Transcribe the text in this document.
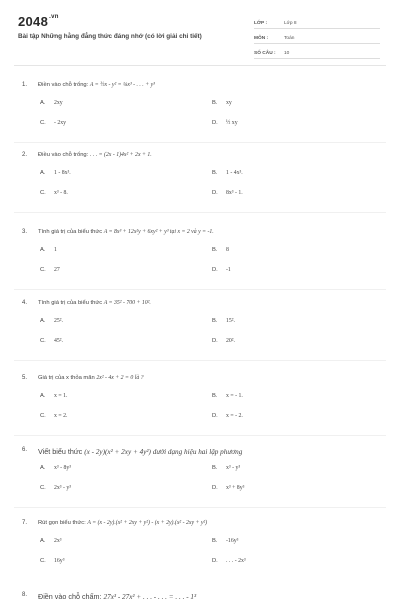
$2048^{.vn}$
Bài tập Những hằng đẳng thức đáng nhớ (có lời giải chi tiết)
LỚP :	Lớp 8
MÔN :	Toán
SỐ CÂU : 10
1. Điền vào chỗ trống: A = ½x - y² = ⅛x³ - . . . + y³
A. 2xy	B. xy
C. - 2xy	D. ½ xy
2. Điều vào chỗ trống: . . . = (2x - 1)4x² + 2x + 1.
A. 1 - 8x³.	B. 1 - 4x³.
C. x³ - 8.	D. 8x³ - 1.
3. Tính giá trị của biểu thức A = 8x³ + 12x²y + 6xy² + y³ tại x = 2 và y = -1.
A. 1	B. 8
C. 27	D. -1
4. Tính giá trị của biểu thức A = 35² - 700 + 10².
A. 25².	B. 15².
C. 45².	D. 20².
5. Giá trị của x thỏa mãn 2x² - 4x + 2 = 0 là ?
A. x = 1.	B. x = - 1.
C. x = 2.	D. x = - 2.
6. Viết biểu thức (x - 2y)(x² + 2xy + 4y²) dưới dạng hiệu hai lập phương
A. x³ - 8y³	B. x³ - y³
C. 2x³ - y³	D. x³ + 8y³
7. Rút gọn biểu thức: A = (x - 2y).(x² + 2xy + y²) - (x + 2y).(x² - 2xy + y²)
A. 2x³	B. -16y³
C. 16y³	D. . . . - 2x³
8. Điền vào chỗ chấm: 27x³ - 27x² + . . . - . . . = . . . - 1³
